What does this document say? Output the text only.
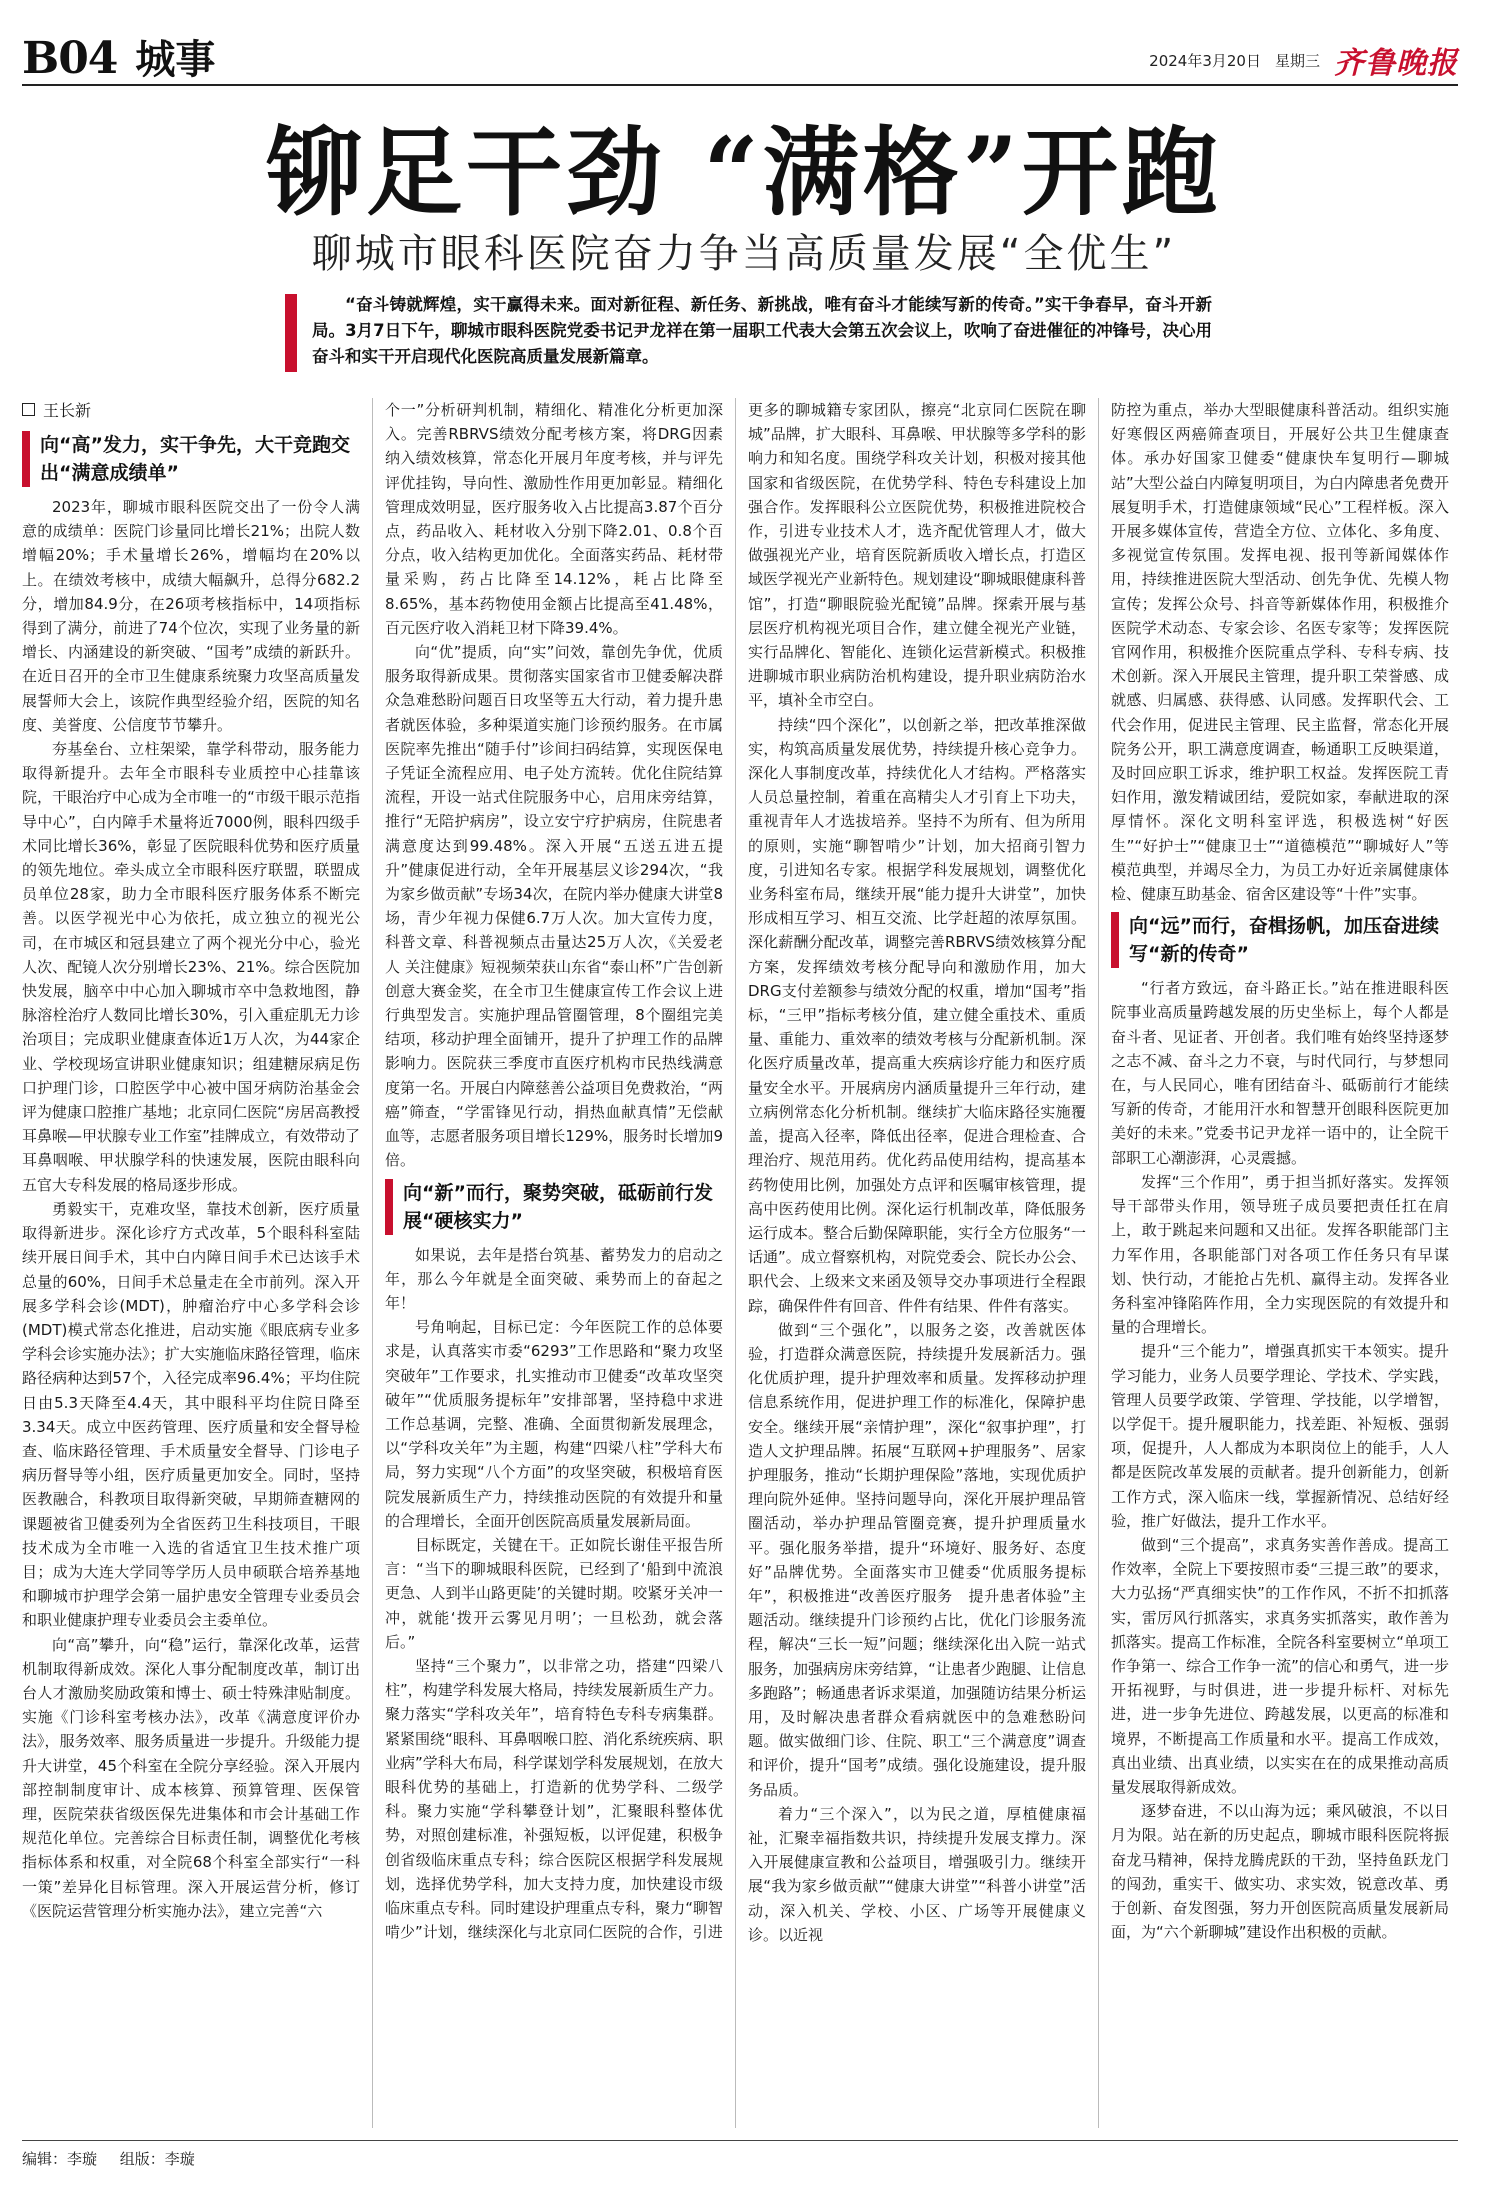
B04 城事	2024年3月20日 星期三 齐鲁晚报
铆足干劲 “满格”开跑
聊城市眼科医院奋力争当高质量发展“全优生”
“奋斗铸就辉煌，实干赢得未来。面对新征程、新任务、新挑战，唯有奋斗才能续写新的传奇。”实干争春早，奋斗开新局。3月7日下午，聊城市眼科医院党委书记尹龙祥在第一届职工代表大会第五次会议上，吹响了奋进催征的冲锋号，决心用奋斗和实干开启现代化医院高质量发展新篇章。
王长新
向“高”发力，实干争先，大干竞跑交出“满意成绩单”

2023年，聊城市眼科医院交出了一份令人满意的成绩单：医院门诊量同比增长21%；出院人数增幅20%；手术量增长26%，增幅均在20%以上。在绩效考核中，成绩大幅飙升，总得分682.2分，增加84.9分，在26项考核指标中，14项指标得到了满分，前进了74个位次，实现了业务量的新增长、内涵建设的新突破、“国考”成绩的新跃升。在近日召开的全市卫生健康系统聚力攻坚高质量发展誓师大会上，该院作典型经验介绍，医院的知名度、美誉度、公信度节节攀升。

夯基垒台、立柱架梁，靠学科带动，服务能力取得新提升。去年全市眼科专业质控中心挂靠该院，干眼治疗中心成为全市唯一的“市级干眼示范指导中心”，白内障手术量将近7000例，眼科四级手术同比增长36%，彰显了医院眼科优势和医疗质量的领先地位。牵头成立全市眼科医疗联盟，联盟成员单位28家，助力全市眼科医疗服务体系不断完善。以医学视光中心为依托，成立独立的视光公司，在市城区和冠县建立了两个视光分中心，验光人次、配镜人次分别增长23%、21%。综合医院加快发展，脑卒中中心加入聊城市卒中急救地图，静脉溶栓治疗人数同比增长30%，引入重症肌无力诊治项目；完成职业健康查体近1万人次，为44家企业、学校现场宣讲职业健康知识；组建糖尿病足伤口护理门诊，口腔医学中心被中国牙病防治基金会评为健康口腔推广基地；北京同仁医院“房居高教授耳鼻喉—甲状腺专业工作室”挂牌成立，有效带动了耳鼻咽喉、甲状腺学科的快速发展，医院由眼科向五官大专科发展的格局逐步形成。

勇毅实干，克难攻坚，靠技术创新，医疗质量取得新进步。深化诊疗方式改革，5个眼科科室陆续开展日间手术，其中白内障日间手术已达该手术总量的60%，日间手术总量走在全市前列。深入开展多学科会诊(MDT)，肿瘤治疗中心多学科会诊(MDT)模式常态化推进，启动实施《眼底病专业多学科会诊实施办法》；扩大实施临床路径管理，临床路径病种达到57个，入径完成率96.4%；平均住院日由5.3天降至4.4天，其中眼科平均住院日降至3.34天。成立中医药管理、医疗质量和安全督导检查、临床路径管理、手术质量安全督导、门诊电子病历督导等小组，医疗质量更加安全。同时，坚持医教融合，科教项目取得新突破，早期筛查糖网的课题被省卫健委列为全省医药卫生科技项目，干眼技术成为全市唯一入选的省适宜卫生技术推广项目；成为大连大学同等学历人员申硕联合培养基地和聊城市护理学会第一届护患安全管理专业委员会和职业健康护理专业委员会主委单位。

向“高”攀升，向“稳”运行，靠深化改革，运营机制取得新成效。深化人事分配制度改革，制订出台人才激励奖励政策和博士、硕士特殊津贴制度。实施《门诊科室考核办法》，改革《满意度评价办法》，服务效率、服务质量进一步提升。升级能力提升大讲堂，45个科室在全院分享经验。深入开展内部控制制度审计、成本核算、预算管理、医保管理，医院荣获省级医保先进集体和市会计基础工作规范化单位。完善综合目标责任制，调整优化考核指标体系和权重，对全院68个科室全部实行“一科一策”差异化目标管理。深入开展运营分析，修订《医院运营管理分析实施办法》，建立完善“六

个一”分析研判机制，精细化、精准化分析更加深入。完善RBRVS绩效分配考核方案，将DRG因素纳入绩效核算，常态化开展月年度考核，并与评先评优挂钩，导向性、激励性作用更加彰显。精细化管理成效明显，医疗服务收入占比提高3.87个百分点，药品收入、耗材收入分别下降2.01、0.8个百分点，收入结构更加优化。全面落实药品、耗材带量采购，药占比降至14.12%，耗占比降至8.65%，基本药物使用金额占比提高至41.48%，百元医疗收入消耗卫材下降39.4%。

向“优”提质，向“实”问效，靠创先争优，优质服务取得新成果。贯彻落实国家省市卫健委解决群众急难愁盼问题百日攻坚等五大行动，着力提升患者就医体验，多种渠道实施门诊预约服务。在市属医院率先推出“随手付”诊间扫码结算，实现医保电子凭证全流程应用、电子处方流转。优化住院结算流程，开设一站式住院服务中心，启用床旁结算，推行“无陪护病房”，设立安宁疗护病房，住院患者满意度达到99.48%。深入开展“五送五进五提升”健康促进行动，全年开展基层义诊294次，“我为家乡做贡献”专场34次，在院内举办健康大讲堂8场，青少年视力保健6.7万人次。加大宣传力度，科普文章、科普视频点击量达25万人次，《关爱老人 关注健康》短视频荣获山东省“泰山杯”广告创新创意大赛金奖，在全市卫生健康宣传工作会议上进行典型发言。实施护理品管圈管理，8个圈组完美结项，移动护理全面铺开，提升了护理工作的品牌影响力。医院获三季度市直医疗机构市民热线满意度第一名。开展白内障慈善公益项目免费救治，“两癌”筛查，“学雷锋见行动，捐热血献真情”无偿献血等，志愿者服务项目增长129%，服务时长增加9倍。

向“新”而行，聚势突破，砥砺前行发展“硬核实力”

如果说，去年是搭台筑基、蓄势发力的启动之年，那么今年就是全面突破、乘势而上的奋起之年！

号角响起，目标已定：今年医院工作的总体要求是，认真落实市委“6293”工作思路和“聚力攻坚突破年”工作要求，扎实推动市卫健委“改革攻坚突破年”“优质服务提标年”安排部署，坚持稳中求进工作总基调，完整、准确、全面贯彻新发展理念，以“学科攻关年”为主题，构建“四梁八柱”学科大布局，努力实现“八个方面”的攻坚突破，积极培育医院发展新质生产力，持续推动医院的有效提升和量的合理增长，全面开创医院高质量发展新局面。

目标既定，关键在干。正如院长谢佳平报告所言：“当下的聊城眼科医院，已经到了‘船到中流浪更急、人到半山路更陡’的关键时期。咬紧牙关冲一冲，就能‘拨开云雾见月明’；一旦松劲，就会落后。”

坚持“三个聚力”，以非常之功，搭建“四梁八柱”，构建学科发展大格局，持续发展新质生产力。聚力落实“学科攻关年”，培育特色专科专病集群。紧紧围绕“眼科、耳鼻咽喉口腔、消化系统疾病、职业病”学科大布局，科学谋划学科发展规划，在放大眼科优势的基础上，打造新的优势学科、二级学科。聚力实施“学科攀登计划”，汇聚眼科整体优势，对照创建标准，补强短板，以评促建，积极争创省级临床重点专科；综合医院区根据学科发展规划，选择优势学科，加大支持力度，加快建设市级临床重点专科。同时建设护理重点专科，聚力“聊智啃少”计划，继续深化与北京同仁医院的合作，引进

更多的聊城籍专家团队，擦亮“北京同仁医院在聊城”品牌，扩大眼科、耳鼻喉、甲状腺等多学科的影响力和知名度。围绕学科攻关计划，积极对接其他国家和省级医院，在优势学科、特色专科建设上加强合作。发挥眼科公立医院优势，积极推进院校合作，引进专业技术人才，选齐配优管理人才，做大做强视光产业，培育医院新质收入增长点，打造区域医学视光产业新特色。规划建设“聊城眼健康科普馆”，打造“聊眼院验光配镜”品牌。探索开展与基层医疗机构视光项目合作，建立健全视光产业链，实行品牌化、智能化、连锁化运营新模式。积极推进聊城市职业病防治机构建设，提升职业病防治水平，填补全市空白。

持续“四个深化”，以创新之举，把改革推深做实，构筑高质量发展优势，持续提升核心竞争力。深化人事制度改革，持续优化人才结构。严格落实人员总量控制，着重在高精尖人才引育上下功夫，重视青年人才选拔培养。坚持不为所有、但为所用的原则，实施“聊智啃少”计划，加大招商引智力度，引进知名专家。根据学科发展规划，调整优化业务科室布局，继续开展“能力提升大讲堂”，加快形成相互学习、相互交流、比学赶超的浓厚氛围。深化薪酬分配改革，调整完善RBRVS绩效核算分配方案，发挥绩效考核分配导向和激励作用，加大DRG支付差额参与绩效分配的权重，增加“国考”指标，“三甲”指标考核分值，建立健全重技术、重质量、重能力、重效率的绩效考核与分配新机制。深化医疗质量改革，提高重大疾病诊疗能力和医疗质量安全水平。开展病房内涵质量提升三年行动，建立病例常态化分析机制。继续扩大临床路径实施覆盖，提高入径率，降低出径率，促进合理检查、合理治疗、规范用药。优化药品使用结构，提高基本药物使用比例，加强处方点评和医嘱审核管理，提高中医药使用比例。深化运行机制改革，降低服务运行成本。整合后勤保障职能，实行全方位服务“一话通”。成立督察机构，对院党委会、院长办公会、职代会、上级来文来函及领导交办事项进行全程跟踪，确保件件有回音、件件有结果、件件有落实。

做到“三个强化”，以服务之姿，改善就医体验，打造群众满意医院，持续提升发展新活力。强化优质护理，提升护理效率和质量。发挥移动护理信息系统作用，促进护理工作的标准化，保障护患安全。继续开展“亲情护理”，深化“叙事护理”，打造人文护理品牌。拓展“互联网+护理服务”、居家护理服务，推动“长期护理保险”落地，实现优质护理向院外延伸。坚持问题导向，深化开展护理品管圈活动，举办护理品管圈竞赛，提升护理质量水平。强化服务举措，提升“环境好、服务好、态度好”品牌优势。全面落实市卫健委“优质服务提标年”，积极推进“改善医疗服务　提升患者体验”主题活动。继续提升门诊预约占比，优化门诊服务流程，解决“三长一短”问题；继续深化出入院一站式服务，加强病房床旁结算，“让患者少跑腿、让信息多跑路”；畅通患者诉求渠道，加强随访结果分析运用，及时解决患者群众看病就医中的急难愁盼问题。做实做细门诊、住院、职工“三个满意度”调查和评价，提升“国考”成绩。强化设施建设，提升服务品质。

着力“三个深入”，以为民之道，厚植健康福祉，汇聚幸福指数共识，持续提升发展支撑力。深入开展健康宣教和公益项目，增强吸引力。继续开展“我为家乡做贡献”“健康大讲堂”“科普小讲堂”活动，深入机关、学校、小区、广场等开展健康义诊。以近视

防控为重点，举办大型眼健康科普活动。组织实施好寒假区两癌筛查项目，开展好公共卫生健康查体。承办好国家卫健委“健康快车复明行—聊城站”大型公益白内障复明项目，为白内障患者免费开展复明手术，打造健康领域“民心”工程样板。深入开展多媒体宣传，营造全方位、立体化、多角度、多视觉宣传氛围。发挥电视、报刊等新闻媒体作用，持续推进医院大型活动、创先争优、先模人物宣传；发挥公众号、抖音等新媒体作用，积极推介医院学术动态、专家会诊、名医专家等；发挥医院官网作用，积极推介医院重点学科、专科专病、技术创新。深入开展民主管理，提升职工荣誉感、成就感、归属感、获得感、认同感。发挥职代会、工代会作用，促进民主管理、民主监督，常态化开展院务公开，职工满意度调查，畅通职工反映渠道，及时回应职工诉求，维护职工权益。发挥医院工青妇作用，激发精诚团结，爱院如家，奉献进取的深厚情怀。深化文明科室评选，积极选树“好医生”“好护士”“健康卫士”“道德模范”“聊城好人”等模范典型，并竭尽全力，为员工办好近亲属健康体检、健康互助基金、宿舍区建设等“十件”实事。

向“远”而行，奋楫扬帆，加压奋进续写“新的传奇”

“行者方致远，奋斗路正长。”站在推进眼科医院事业高质量跨越发展的历史坐标上，每个人都是奋斗者、见证者、开创者。我们唯有始终坚持逐梦之志不减、奋斗之力不衰，与时代同行，与梦想同在，与人民同心，唯有团结奋斗、砥砺前行才能续写新的传奇，才能用汗水和智慧开创眼科医院更加美好的未来。”党委书记尹龙祥一语中的，让全院干部职工心潮澎湃，心灵震撼。

发挥“三个作用”，勇于担当抓好落实。发挥领导干部带头作用，领导班子成员要把责任扛在肩上，敢于跳起来问题和又出征。发挥各职能部门主力军作用，各职能部门对各项工作任务只有早谋划、快行动，才能抢占先机、赢得主动。发挥各业务科室冲锋陷阵作用，全力实现医院的有效提升和量的合理增长。

提升“三个能力”，增强真抓实干本领实。提升学习能力，业务人员要学理论、学技术、学实践，管理人员要学政策、学管理、学技能，以学增智，以学促干。提升履职能力，找差距、补短板、强弱项，促提升，人人都成为本职岗位上的能手，人人都是医院改革发展的贡献者。提升创新能力，创新工作方式，深入临床一线，掌握新情况、总结好经验，推广好做法，提升工作水平。

做到“三个提高”，求真务实善作善成。提高工作效率，全院上下要按照市委“三提三敢”的要求，大力弘扬“严真细实快”的工作作风，不折不扣抓落实，雷厉风行抓落实，求真务实抓落实，敢作善为抓落实。提高工作标准，全院各科室要树立“单项工作争第一、综合工作争一流”的信心和勇气，进一步开拓视野，与时俱进，进一步提升标杆、对标先进，进一步争先进位、跨越发展，以更高的标准和境界，不断提高工作质量和水平。提高工作成效，真出业绩、出真业绩，以实实在在的成果推动高质量发展取得新成效。

逐梦奋进，不以山海为远；乘风破浪，不以日月为限。站在新的历史起点，聊城市眼科医院将振奋龙马精神，保持龙腾虎跃的干劲，坚持鱼跃龙门的闯劲，重实干、做实功、求实效，锐意改革、勇于创新、奋发图强，努力开创医院高质量发展新局面，为“六个新聊城”建设作出积极的贡献。

编辑：李璇 组版：李璇
